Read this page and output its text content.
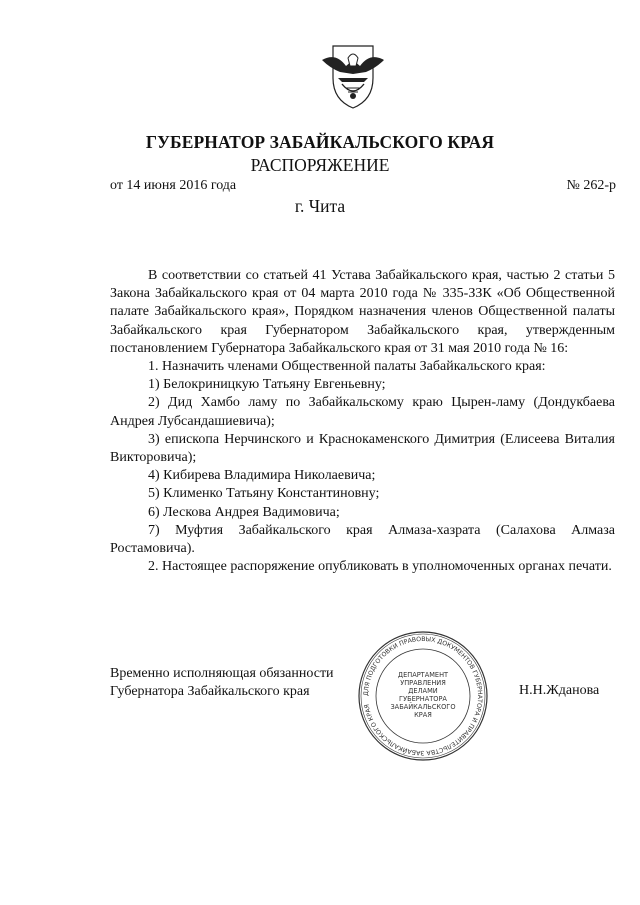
ГУБЕРНАТОР ЗАБАЙКАЛЬСКОГО КРАЯ
РАСПОРЯЖЕНИЕ
от 14 июня 2016 года	№ 262-р
г. Чита

В соответствии со статьей 41 Устава Забайкальского края, частью 2 статьи 5 Закона Забайкальского края от 04 марта 2010 года № 335-ЗЗК «Об Общественной палате Забайкальского края», Порядком назначения членов Общественной палаты Забайкальского края Губернатором Забайкальского края, утвержденным постановлением Губернатора Забайкальского края от 31 мая 2010 года № 16:

1. Назначить членами Общественной палаты Забайкальского края:

1) Белокриницкую Татьяну Евгеньевну;

2) Дид Хамбо ламу по Забайкальскому краю Цырен-ламу (Дондукбаева Андрея Лубсандашиевича);

3) епископа Нерчинского и Краснокаменского Димитрия (Елисеева Виталия Викторовича);

4) Кибирева Владимира Николаевича;

5) Клименко Татьяну Константиновну;

6) Лескова Андрея Вадимовича;

7) Муфтия Забайкальского края Алмаза-хазрата (Салахова Алмаза Ростамовича).

2. Настоящее распоряжение опубликовать в уполномоченных органах печати.

Временно исполняющая обязанности
Губернатора Забайкальского края	ДЛЯ ПОДГОТОВКИ ПРАВОВЫХ ДОКУМЕНТОВ ГУБЕРНАТОРА И ПРАВИТЕЛЬСТВА ЗАБАЙКАЛЬСКОГО КРАЯ
ДЕПАРТАМЕНТ
УПРАВЛЕНИЯ
ДЕЛАМИ
ГУБЕРНАТОРА
ЗАБАЙКАЛЬСКОГО
КРАЯ
Н.Н.Жданова
